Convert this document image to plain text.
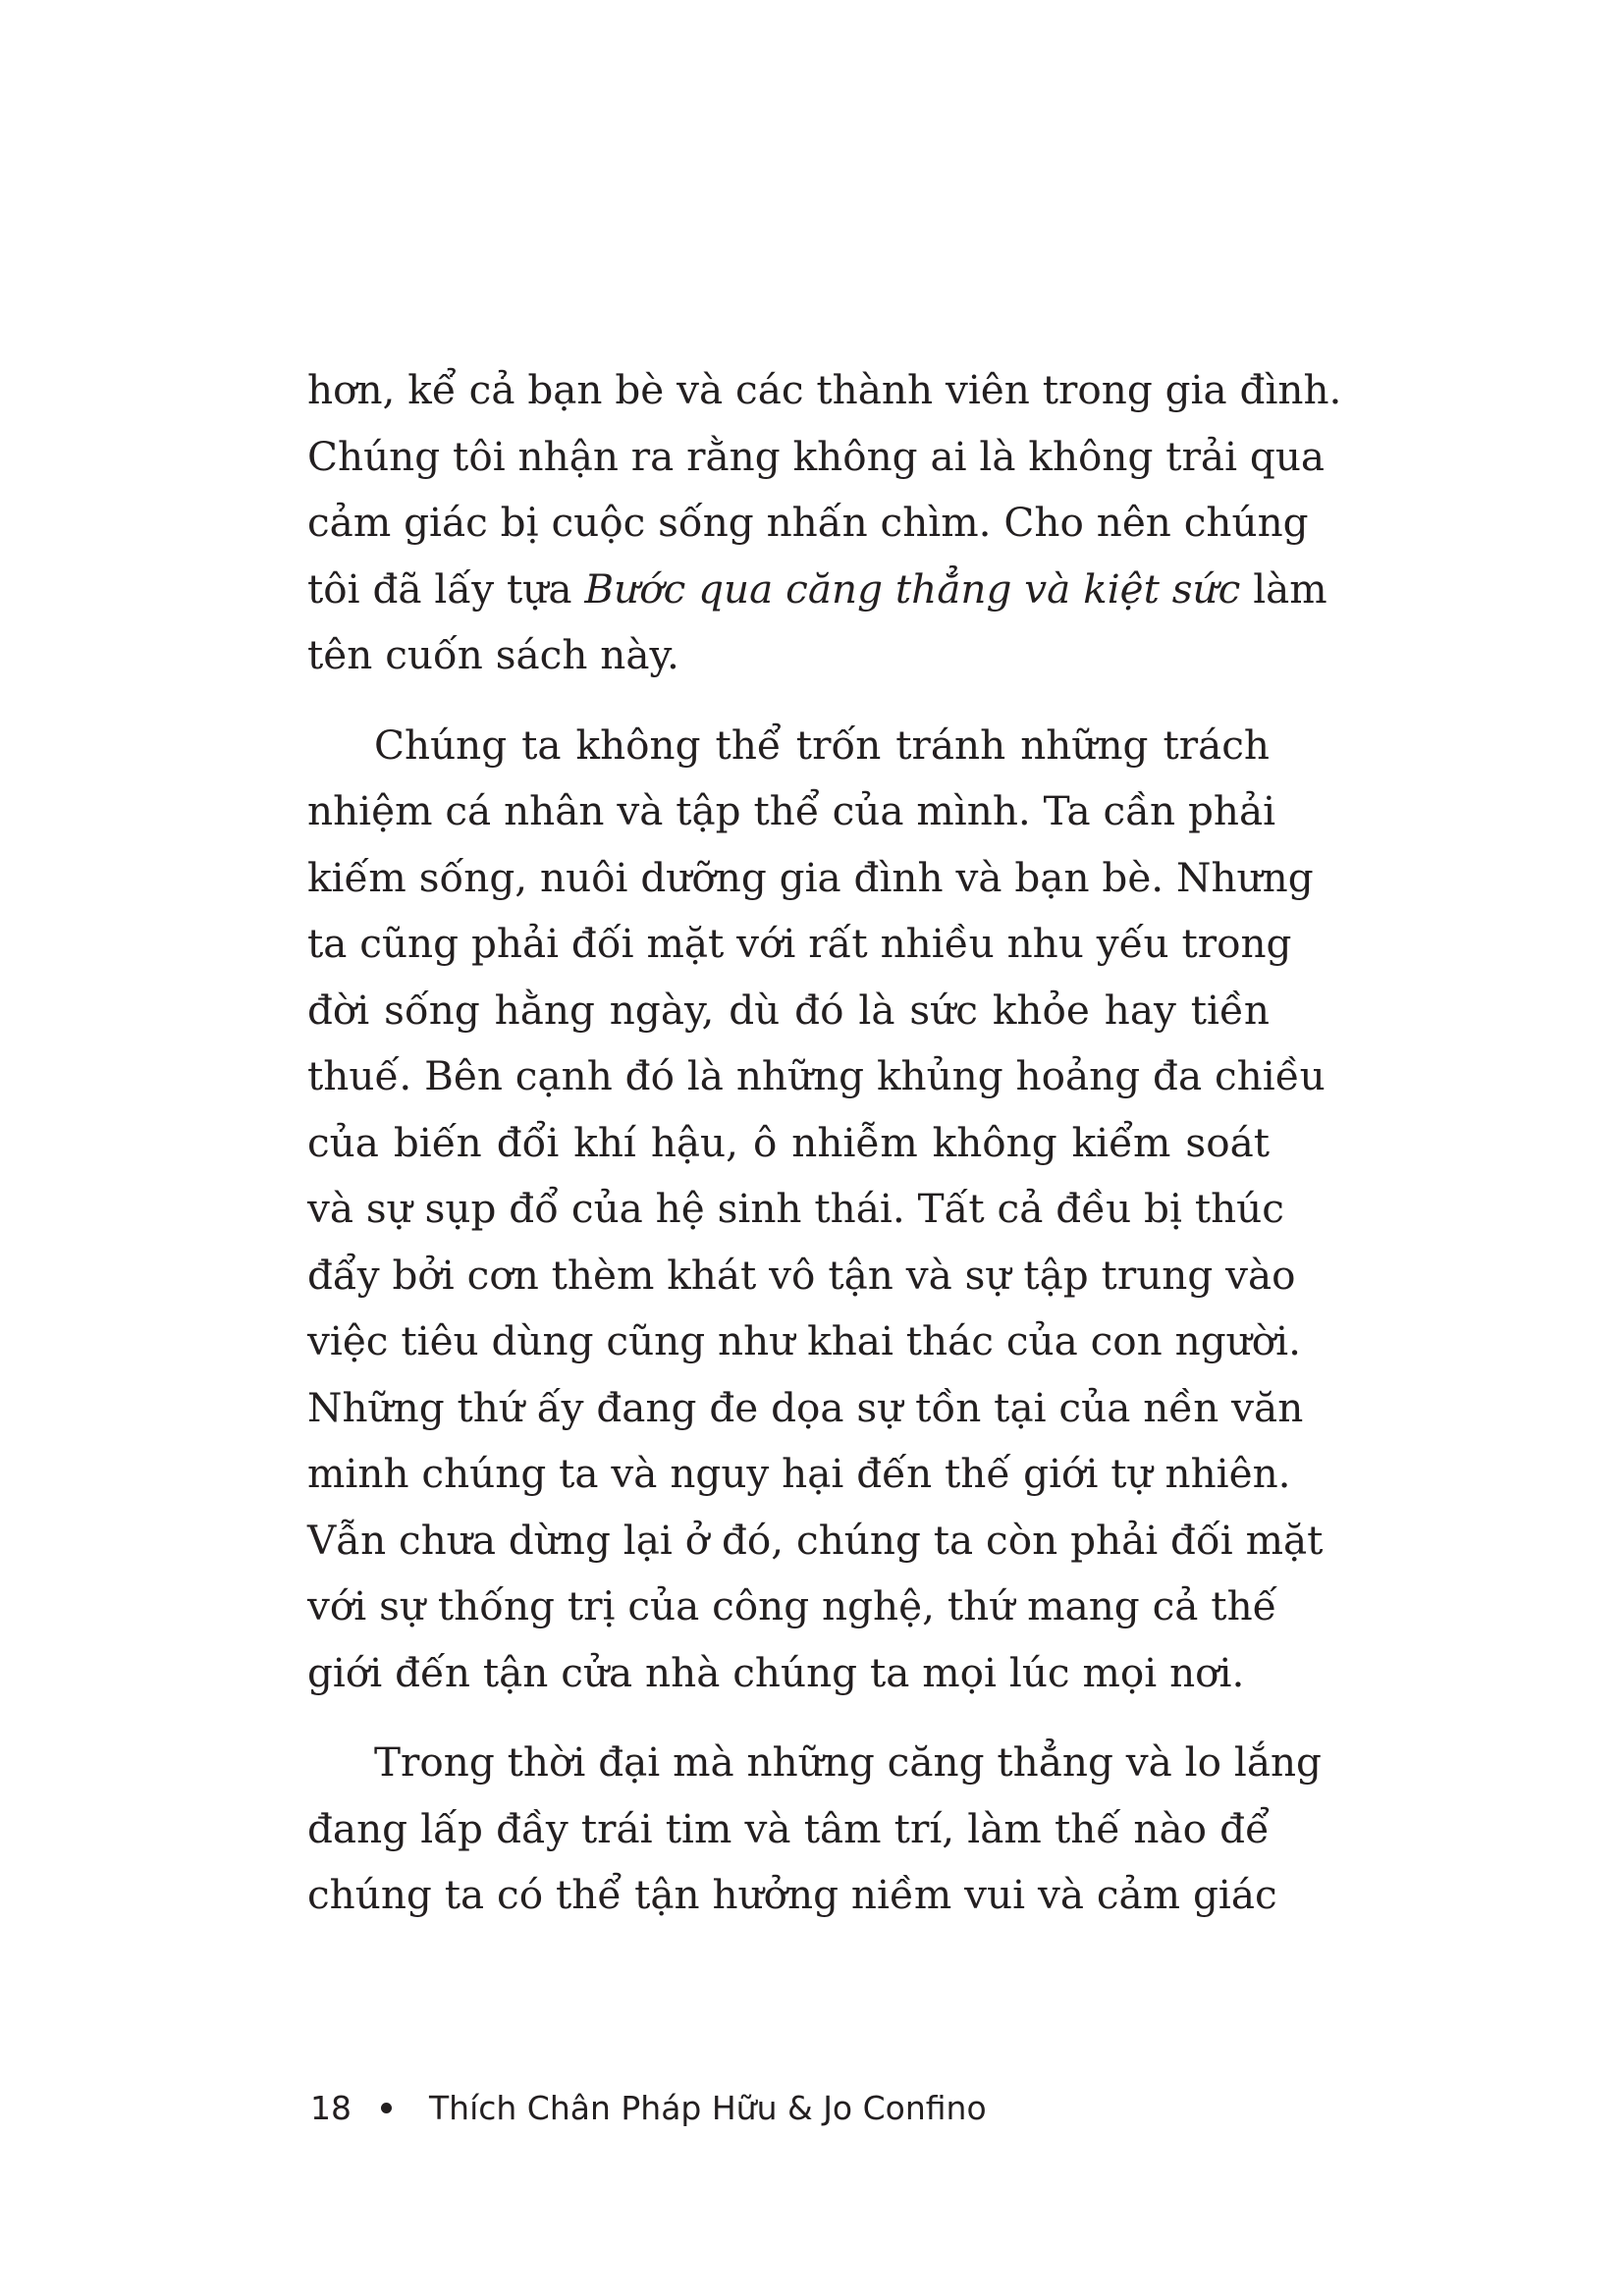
hơn, kể cả bạn bè và các thành viên trong gia đình.
Chúng tôi nhận ra rằng không ai là không trải qua
cảm giác bị cuộc sống nhấn chìm. Cho nên chúng
tôi đã lấy tựa Bước qua căng thẳng và kiệt sức làm
tên cuốn sách này.

Chúng ta không thể trốn tránh những trách
nhiệm cá nhân và tập thể của mình. Ta cần phải
kiếm sống, nuôi dưỡng gia đình và bạn bè. Nhưng
ta cũng phải đối mặt với rất nhiều nhu yếu trong
đời sống hằng ngày, dù đó là sức khỏe hay tiền
thuế. Bên cạnh đó là những khủng hoảng đa chiều
của biến đổi khí hậu, ô nhiễm không kiểm soát
và sự sụp đổ của hệ sinh thái. Tất cả đều bị thúc
đẩy bởi cơn thèm khát vô tận và sự tập trung vào
việc tiêu dùng cũng như khai thác của con người.
Những thứ ấy đang đe dọa sự tồn tại của nền văn
minh chúng ta và nguy hại đến thế giới tự nhiên.
Vẫn chưa dừng lại ở đó, chúng ta còn phải đối mặt
với sự thống trị của công nghệ, thứ mang cả thế
giới đến tận cửa nhà chúng ta mọi lúc mọi nơi.

Trong thời đại mà những căng thẳng và lo lắng
đang lấp đầy trái tim và tâm trí, làm thế nào để
chúng ta có thể tận hưởng niềm vui và cảm giác

18 Thích Chân Pháp Hữu & Jo Confino
